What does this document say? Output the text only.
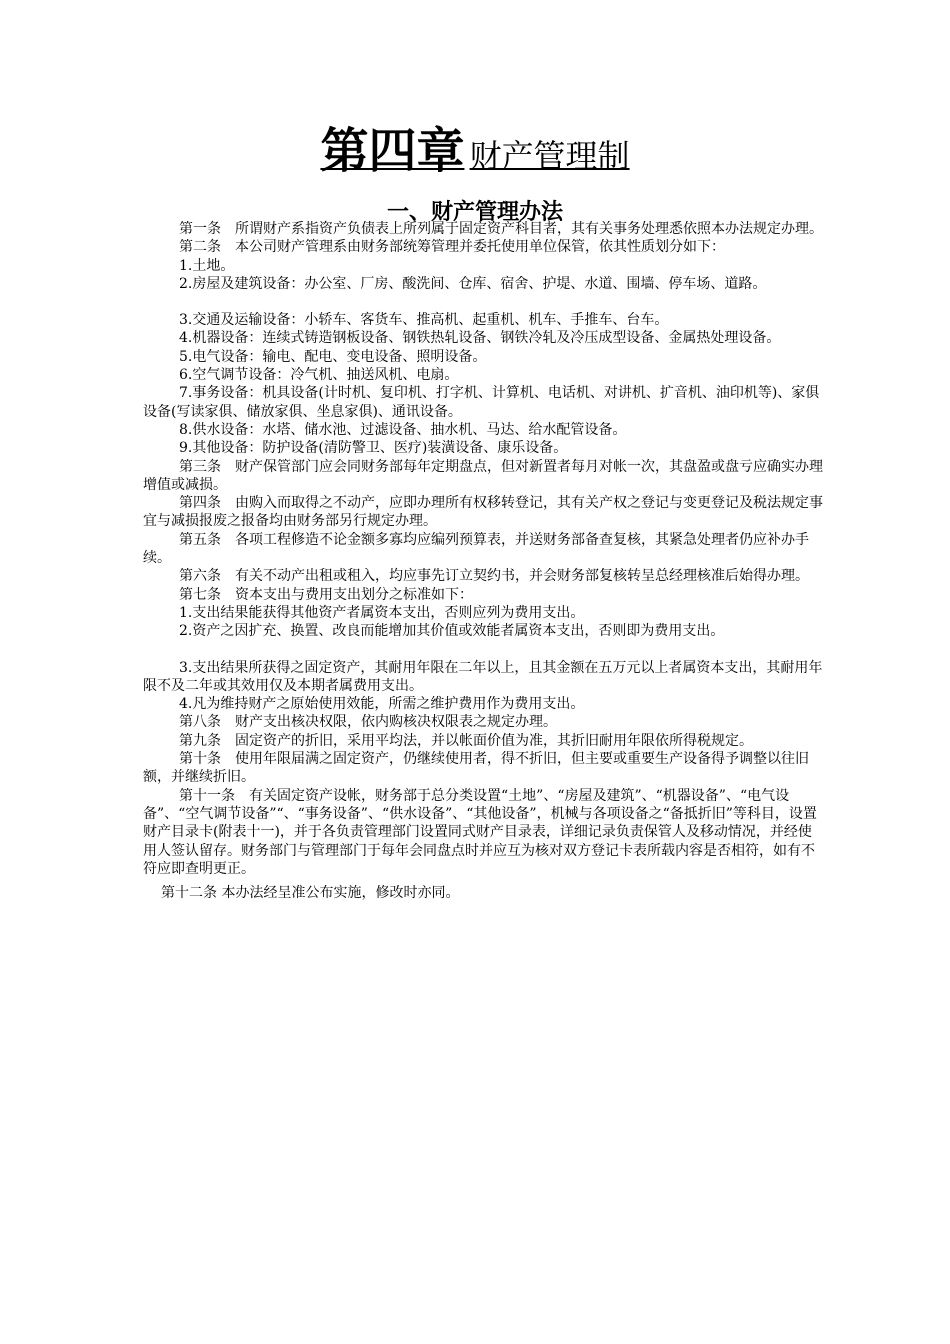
第四章 财产管理制
一、财产管理办法

第一条　所谓财产系指资产负债表上所列属于固定资产科目者，其有关事务处理悉依照本办法规定办理。

第二条　本公司财产管理系由财务部统筹管理并委托使用单位保管，依其性质划分如下：

1.土地。

2.房屋及建筑设备：办公室、厂房、酸洗间、仓库、宿舍、护堤、水道、围墙、停车场、道路。

3.交通及运输设备：小轿车、客货车、推高机、起重机、机车、手推车、台车。

4.机器设备：连续式铸造钢板设备、钢铁热轧设备、钢铁冷轧及冷压成型设备、金属热处理设备。

5.电气设备：输电、配电、变电设备、照明设备。

6.空气调节设备：冷气机、抽送风机、电扇。

7.事务设备：机具设备(计时机、复印机、打字机、计算机、电话机、对讲机、扩音机、油印机等)、家俱设备(写读家俱、储放家俱、坐息家俱)、通讯设备。

8.供水设备：水塔、储水池、过滤设备、抽水机、马达、给水配管设备。

9.其他设备：防护设备(清防警卫、医疗)装潢设备、康乐设备。

第三条　财产保管部门应会同财务部每年定期盘点，但对新置者每月对帐一次，其盘盈或盘亏应确实办理增值或减损。

第四条　由购入而取得之不动产，应即办理所有权移转登记，其有关产权之登记与变更登记及税法规定事宜与减损报废之报备均由财务部另行规定办理。

第五条　各项工程修造不论金额多寡均应编列预算表，并送财务部备查复核，其紧急处理者仍应补办手续。

第六条　有关不动产出租或租入，均应事先订立契约书，并会财务部复核转呈总经理核准后始得办理。

第七条　资本支出与费用支出划分之标准如下：

1.支出结果能获得其他资产者属资本支出，否则应列为费用支出。

2.资产之因扩充、换置、改良而能增加其价值或效能者属资本支出，否则即为费用支出。

3.支出结果所获得之固定资产，其耐用年限在二年以上，且其金额在五万元以上者属资本支出，其耐用年限不及二年或其效用仅及本期者属费用支出。

4.凡为维持财产之原始使用效能，所需之维护费用作为费用支出。

第八条　财产支出核决权限，依内购核决权限表之规定办理。

第九条　固定资产的折旧，采用平均法，并以帐面价值为准，其折旧耐用年限依所得税规定。

第十条　使用年限届满之固定资产，仍继续使用者，得不折旧，但主要或重要生产设备得予调整以往旧额，并继续折旧。

第十一条　有关固定资产设帐，财务部于总分类设置“土地”、“房屋及建筑”、“机器设备”、“电气设备”、“空气调节设备”“、“事务设备”、“供水设备”、“其他设备”，机械与各项设备之“备抵折旧”等科目，设置财产目录卡(附表十一)，并于各负责管理部门设置同式财产目录表，详细记录负责保管人及移动情况，并经使用人签认留存。财务部门与管理部门于每年会同盘点时并应互为核对双方登记卡表所载内容是否相符，如有不符应即查明更正。

第十二条 本办法经呈准公布实施，修改时亦同。
